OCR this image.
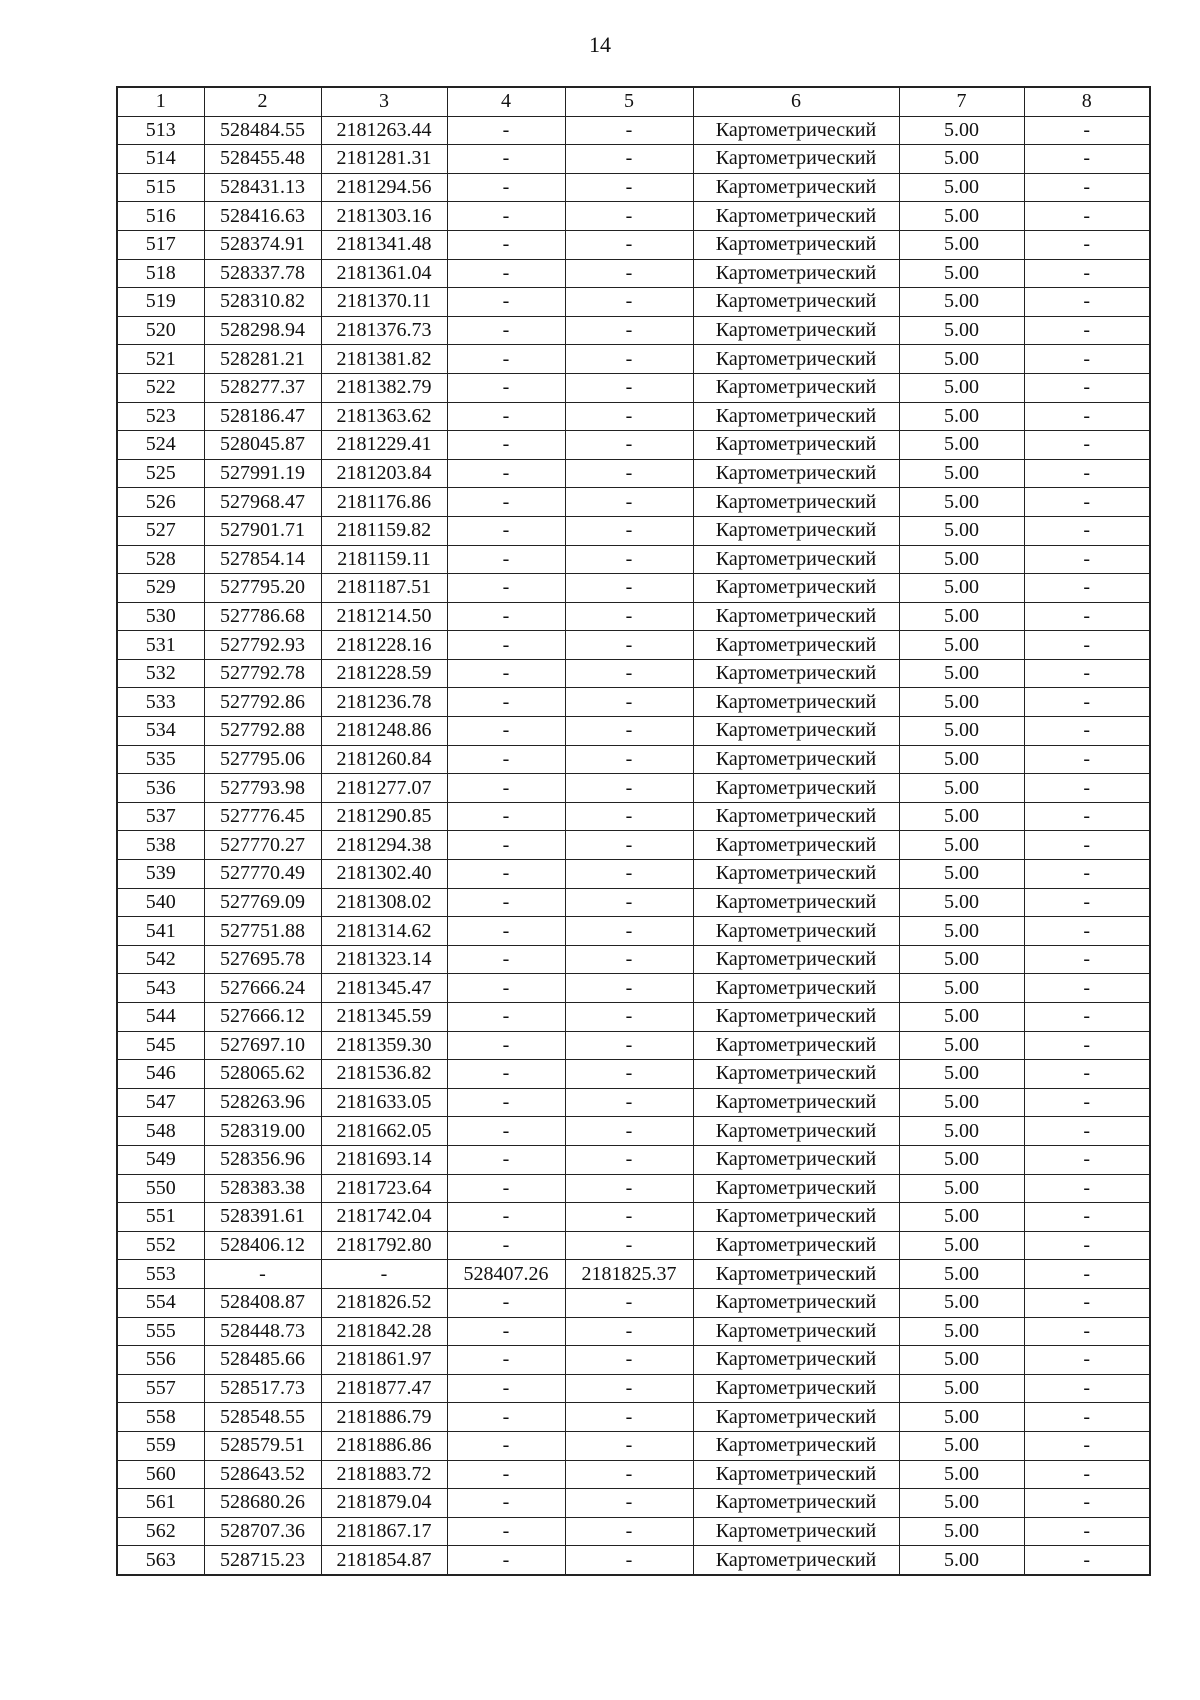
14
1	2	3	4	5	6	7	8
513	528484.55	2181263.44	-	-	Картометрический	5.00	-
514	528455.48	2181281.31	-	-	Картометрический	5.00	-
515	528431.13	2181294.56	-	-	Картометрический	5.00	-
516	528416.63	2181303.16	-	-	Картометрический	5.00	-
517	528374.91	2181341.48	-	-	Картометрический	5.00	-
518	528337.78	2181361.04	-	-	Картометрический	5.00	-
519	528310.82	2181370.11	-	-	Картометрический	5.00	-
520	528298.94	2181376.73	-	-	Картометрический	5.00	-
521	528281.21	2181381.82	-	-	Картометрический	5.00	-
522	528277.37	2181382.79	-	-	Картометрический	5.00	-
523	528186.47	2181363.62	-	-	Картометрический	5.00	-
524	528045.87	2181229.41	-	-	Картометрический	5.00	-
525	527991.19	2181203.84	-	-	Картометрический	5.00	-
526	527968.47	2181176.86	-	-	Картометрический	5.00	-
527	527901.71	2181159.82	-	-	Картометрический	5.00	-
528	527854.14	2181159.11	-	-	Картометрический	5.00	-
529	527795.20	2181187.51	-	-	Картометрический	5.00	-
530	527786.68	2181214.50	-	-	Картометрический	5.00	-
531	527792.93	2181228.16	-	-	Картометрический	5.00	-
532	527792.78	2181228.59	-	-	Картометрический	5.00	-
533	527792.86	2181236.78	-	-	Картометрический	5.00	-
534	527792.88	2181248.86	-	-	Картометрический	5.00	-
535	527795.06	2181260.84	-	-	Картометрический	5.00	-
536	527793.98	2181277.07	-	-	Картометрический	5.00	-
537	527776.45	2181290.85	-	-	Картометрический	5.00	-
538	527770.27	2181294.38	-	-	Картометрический	5.00	-
539	527770.49	2181302.40	-	-	Картометрический	5.00	-
540	527769.09	2181308.02	-	-	Картометрический	5.00	-
541	527751.88	2181314.62	-	-	Картометрический	5.00	-
542	527695.78	2181323.14	-	-	Картометрический	5.00	-
543	527666.24	2181345.47	-	-	Картометрический	5.00	-
544	527666.12	2181345.59	-	-	Картометрический	5.00	-
545	527697.10	2181359.30	-	-	Картометрический	5.00	-
546	528065.62	2181536.82	-	-	Картометрический	5.00	-
547	528263.96	2181633.05	-	-	Картометрический	5.00	-
548	528319.00	2181662.05	-	-	Картометрический	5.00	-
549	528356.96	2181693.14	-	-	Картометрический	5.00	-
550	528383.38	2181723.64	-	-	Картометрический	5.00	-
551	528391.61	2181742.04	-	-	Картометрический	5.00	-
552	528406.12	2181792.80	-	-	Картометрический	5.00	-
553	-	-	528407.26	2181825.37	Картометрический	5.00	-
554	528408.87	2181826.52	-	-	Картометрический	5.00	-
555	528448.73	2181842.28	-	-	Картометрический	5.00	-
556	528485.66	2181861.97	-	-	Картометрический	5.00	-
557	528517.73	2181877.47	-	-	Картометрический	5.00	-
558	528548.55	2181886.79	-	-	Картометрический	5.00	-
559	528579.51	2181886.86	-	-	Картометрический	5.00	-
560	528643.52	2181883.72	-	-	Картометрический	5.00	-
561	528680.26	2181879.04	-	-	Картометрический	5.00	-
562	528707.36	2181867.17	-	-	Картометрический	5.00	-
563	528715.23	2181854.87	-	-	Картометрический	5.00	-
